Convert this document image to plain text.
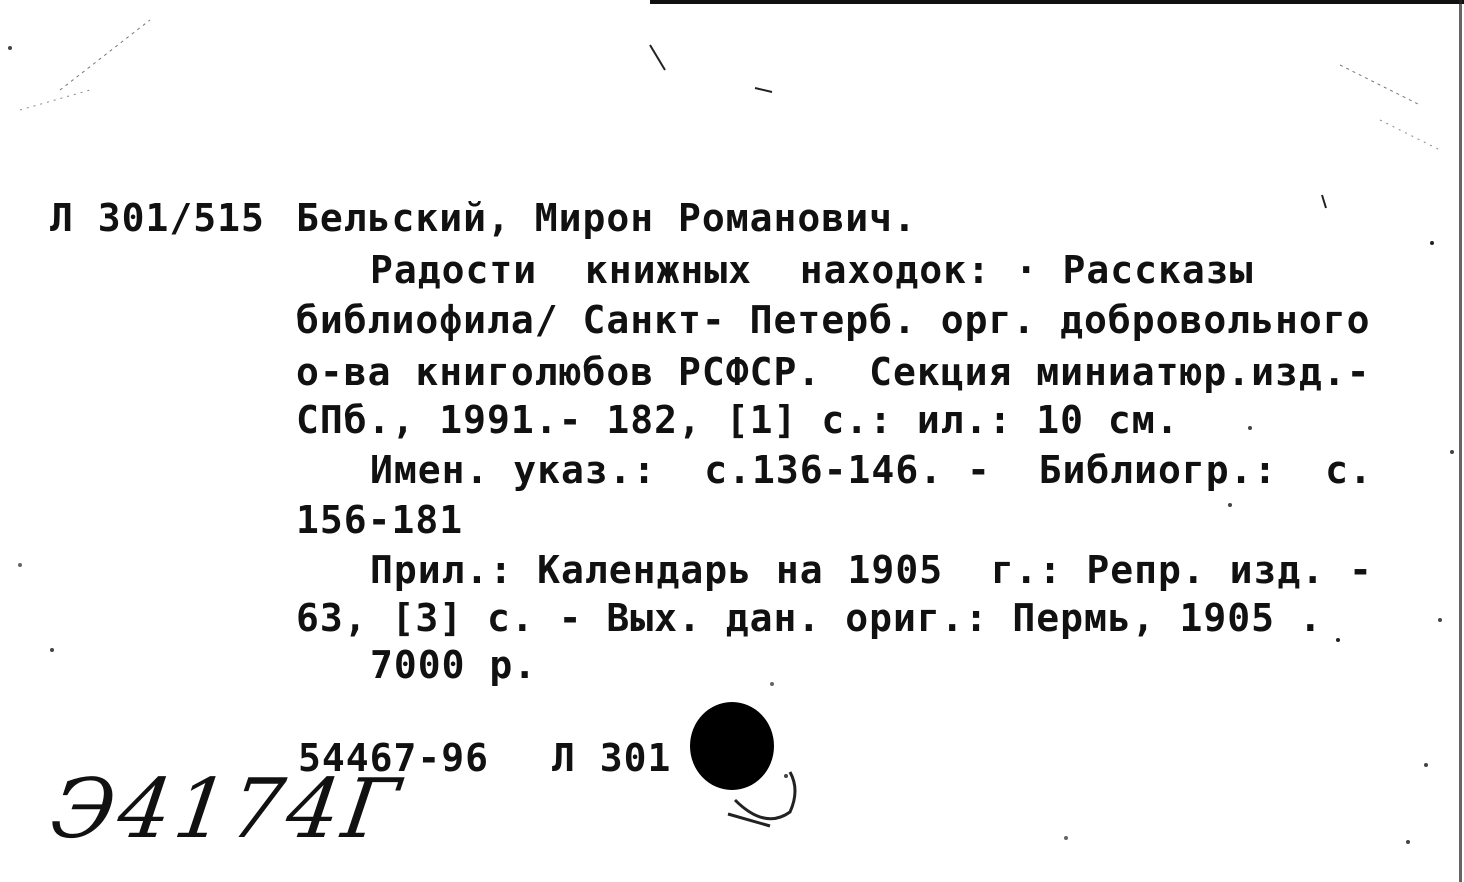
Л 301/515 Бельский, Мирон Романович.
Радости  книжных  находок: · Рассказы
библиофила/ Санкт- Петерб. орг. добровольного
о-ва книголюбов РСФСР.  Секция миниатюр.изд.-
СПб., 1991.- 182, [1] с.: ил.: 10 см.
Имен. указ.:  с.136-146. -  Библиогр.:  с.
156-181
Прил.: Календарь на 1905  г.: Репр. изд. -
63, [3] с. - Вых. дан. ориг.: Пермь, 1905 .
7000 р.
54467-96 Л 301
Э4174Г
